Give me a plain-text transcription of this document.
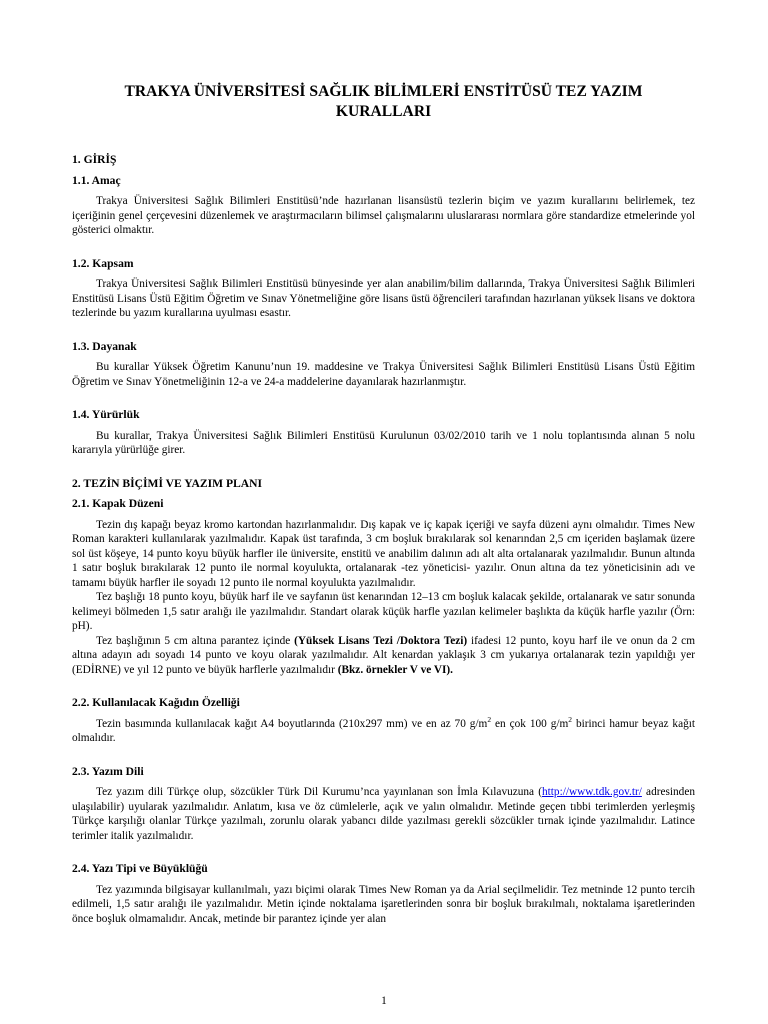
TRAKYA ÜNİVERSİTESİ SAĞLIK BİLİMLERİ ENSTİTÜSÜ TEZ YAZIM
KURALLARI
1. GİRİŞ
1.1. Amaç

Trakya Üniversitesi Sağlık Bilimleri Enstitüsü’nde hazırlanan lisansüstü tezlerin biçim ve yazım kurallarını belirlemek, tez içeriğinin genel çerçevesini düzenlemek ve araştırmacıların bilimsel çalışmalarını uluslararası normlara göre standardize etmelerinde yol gösterici olmaktır.

1.2. Kapsam

Trakya Üniversitesi Sağlık Bilimleri Enstitüsü bünyesinde yer alan anabilim/bilim dallarında, Trakya Üniversitesi Sağlık Bilimleri Enstitüsü Lisans Üstü Eğitim Öğretim ve Sınav Yönetmeliğine göre lisans üstü öğrencileri tarafından hazırlanan yüksek lisans ve doktora tezlerinde bu yazım kurallarına uyulması esastır.

1.3. Dayanak

Bu kurallar Yüksek Öğretim Kanunu’nun 19. maddesine ve Trakya Üniversitesi Sağlık Bilimleri Enstitüsü Lisans Üstü Eğitim Öğretim ve Sınav Yönetmeliğinin 12-a ve 24-a maddelerine dayanılarak hazırlanmıştır.

1.4. Yürürlük

Bu kurallar, Trakya Üniversitesi Sağlık Bilimleri Enstitüsü Kurulunun 03/02/2010 tarih ve 1 nolu toplantısında alınan 5 nolu kararıyla yürürlüğe girer.

2. TEZİN BİÇİMİ VE YAZIM PLANI
2.1. Kapak Düzeni

Tezin dış kapağı beyaz kromo kartondan hazırlanmalıdır. Dış kapak ve iç kapak içeriği ve sayfa düzeni aynı olmalıdır. Times New Roman karakteri kullanılarak yazılmalıdır. Kapak üst tarafında, 3 cm boşluk bırakılarak sol kenarından 2,5 cm içeriden başlamak üzere sol üst köşeye, 14 punto koyu büyük harfler ile üniversite, enstitü ve anabilim dalının adı alt alta ortalanarak yazılmalıdır. Bunun altında 1 satır boşluk bırakılarak 12 punto ile normal koyulukta, ortalanarak -tez yöneticisi- yazılır. Onun altına da tez yöneticisinin adı ve tamamı büyük harfler ile soyadı 12 punto ile normal koyulukta yazılmalıdır.

Tez başlığı 18 punto koyu, büyük harf ile ve sayfanın üst kenarından 12–13 cm boşluk kalacak şekilde, ortalanarak ve satır sonunda kelimeyi bölmeden 1,5 satır aralığı ile yazılmalıdır. Standart olarak küçük harfle yazılan kelimeler başlıkta da küçük harfle yazılır (Örn: pH).

Tez başlığının 5 cm altına parantez içinde (Yüksek Lisans Tezi /Doktora Tezi) ifadesi 12 punto, koyu harf ile ve onun da 2 cm altına adayın adı soyadı 14 punto ve koyu olarak yazılmalıdır. Alt kenardan yaklaşık 3 cm yukarıya ortalanarak tezin yapıldığı yer (EDİRNE) ve yıl 12 punto ve büyük harflerle yazılmalıdır (Bkz. örnekler V ve VI).

2.2. Kullanılacak Kağıdın Özelliği

Tezin basımında kullanılacak kağıt A4 boyutlarında (210x297 mm) ve en az 70 $g/m^2$ en çok 100 $g/m^2$ birinci hamur beyaz kağıt olmalıdır.

2.3. Yazım Dili

Tez yazım dili Türkçe olup, sözcükler Türk Dil Kurumu’nca yayınlanan son İmla Kılavuzuna (http://www.tdk.gov.tr/ adresinden ulaşılabilir) uyularak yazılmalıdır. Anlatım, kısa ve öz cümlelerle, açık ve yalın olmalıdır. Metinde geçen tıbbi terimlerden yerleşmiş Türkçe karşılığı olanlar Türkçe yazılmalı, zorunlu olarak yabancı dilde yazılması gerekli sözcükler tırnak içinde yazılmalıdır. Latince terimler italik yazılmalıdır.

2.4. Yazı Tipi ve Büyüklüğü

Tez yazımında bilgisayar kullanılmalı, yazı biçimi olarak Times New Roman ya da Arial seçilmelidir. Tez metninde 12 punto tercih edilmeli, 1,5 satır aralığı ile yazılmalıdır. Metin içinde noktalama işaretlerinden sonra bir boşluk bırakılmalı, noktalama işaretlerinden önce boşluk olmamalıdır. Ancak, metinde bir parantez içinde yer alan

1
